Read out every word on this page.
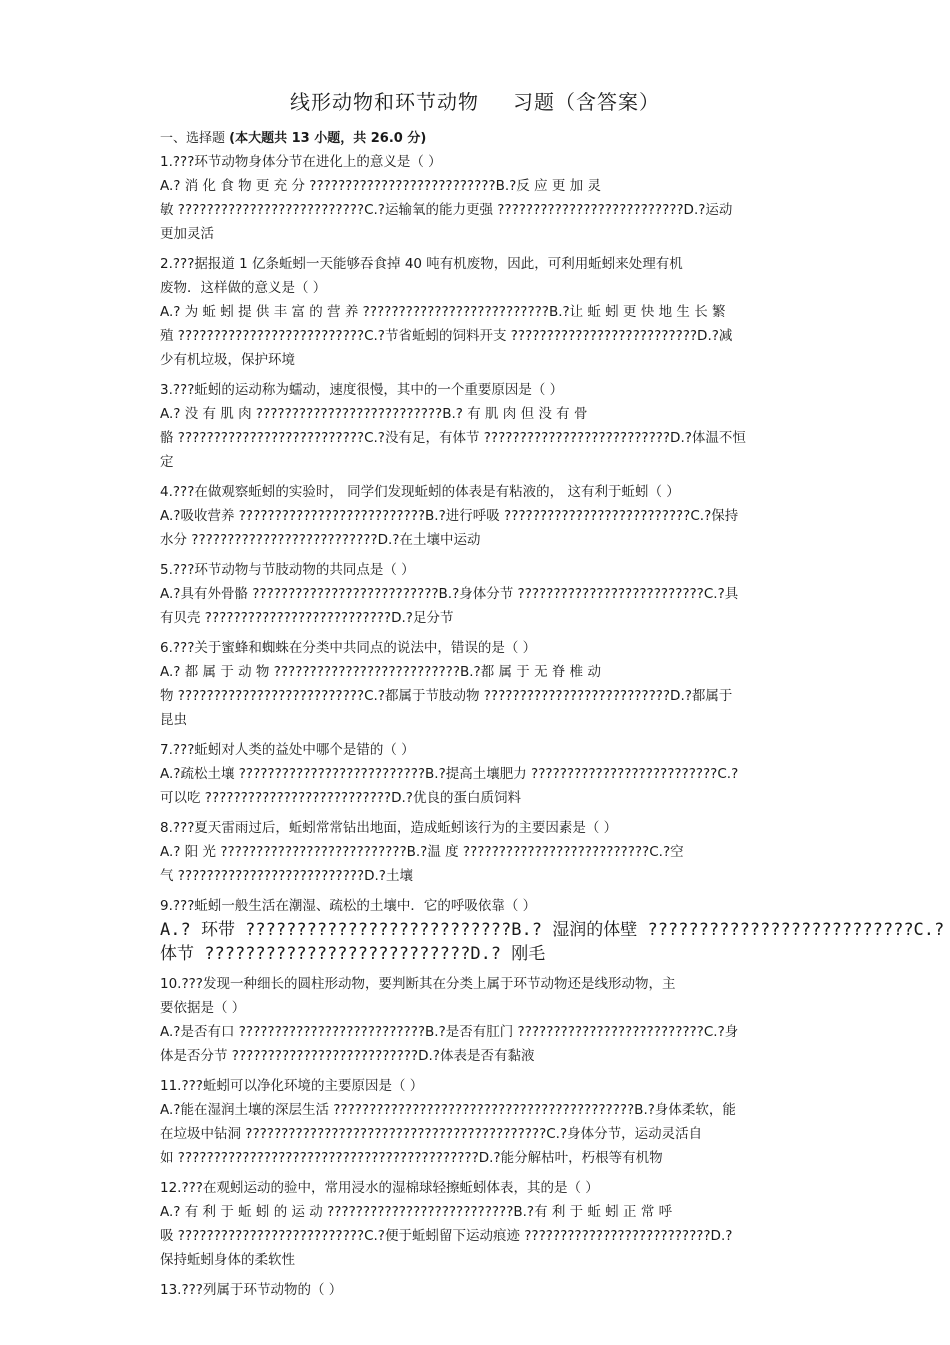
线形动物和环节动物 习题（含答案）
一、选择题 (本大题共 13 小题，共 26.0 分)
1.???环节动物身体分节在进化上的意义是（ ）
A.? 消 化 食 物 更 充 分 ??????????????????????????B.?反 应 更 加 灵
敏 ??????????????????????????C.?运输氧的能力更强 ??????????????????????????D.?运动
更加灵活
2.???据报道 1 亿条蚯蚓一天能够吞食掉 40 吨有机废物，因此，可利用蚯蚓来处理有机
废物．这样做的意义是（ ）
A.? 为 蚯 蚓 提 供 丰 富 的 营 养 ??????????????????????????B.?让 蚯 蚓 更 快 地 生 长 繁
殖 ??????????????????????????C.?节省蚯蚓的饲料开支 ??????????????????????????D.?减
少有机垃圾，保护环境
3.???蚯蚓的运动称为蠕动，速度很慢，其中的一个重要原因是（ ）
A.? 没 有 肌 肉 ??????????????????????????B.? 有 肌 肉 但 没 有 骨
骼 ??????????????????????????C.?没有足，有体节 ??????????????????????????D.?体温不恒
定
4.???在做观察蚯蚓的实验时， 同学们发现蚯蚓的体表是有粘液的， 这有利于蚯蚓（ ）
A.?吸收营养 ??????????????????????????B.?进行呼吸 ??????????????????????????C.?保持
水分 ??????????????????????????D.?在土壤中运动
5.???环节动物与节肢动物的共同点是（ ）
A.?具有外骨骼 ??????????????????????????B.?身体分节 ??????????????????????????C.?具
有贝壳 ??????????????????????????D.?足分节
6.???关于蜜蜂和蜘蛛在分类中共同点的说法中，错误的是（ ）
A.? 都 属 于 动 物 ??????????????????????????B.?都 属 于 无 脊 椎 动
物 ??????????????????????????C.?都属于节肢动物 ??????????????????????????D.?都属于
昆虫
7.???蚯蚓对人类的益处中哪个是错的（ ）
A.?疏松土壤 ??????????????????????????B.?提高土壤肥力 ??????????????????????????C.?
可以吃 ??????????????????????????D.?优良的蛋白质饲料
8.???夏天雷雨过后，蚯蚓常常钻出地面，造成蚯蚓该行为的主要因素是（ ）
A.? 阳 光 ??????????????????????????B.?温 度 ??????????????????????????C.?空
气 ??????????????????????????D.?土壤
9.???蚯蚓一般生活在潮湿、疏松的土壤中．它的呼吸依靠（ ）
A.? 环带 ??????????????????????????B.? 湿润的体壁 ??????????????????????????C.?
体节 ??????????????????????????D.? 刚毛
10.???发现一种细长的圆柱形动物，要判断其在分类上属于环节动物还是线形动物，主
要依据是（ ）
A.?是否有口 ??????????????????????????B.?是否有肛门 ??????????????????????????C.?身
体是否分节 ??????????????????????????D.?体表是否有黏液
11.???蚯蚓可以净化环境的主要原因是（ ）
A.?能在湿润土壤的深层生活 ??????????????????????????????????????????B.?身体柔软，能
在垃圾中钻洞 ??????????????????????????????????????????C.?身体分节，运动灵活自
如 ??????????????????????????????????????????D.?能分解枯叶，朽根等有机物
12.???在观蚓运动的验中，常用浸水的湿棉球轻擦蚯蚓体表，其的是（ ）
A.? 有 利 于 蚯 蚓 的 运 动 ??????????????????????????B.?有 利 于 蚯 蚓 正 常 呼
吸 ??????????????????????????C.?便于蚯蚓留下运动痕迹 ??????????????????????????D.?
保持蚯蚓身体的柔软性
13.???列属于环节动物的（ ）
